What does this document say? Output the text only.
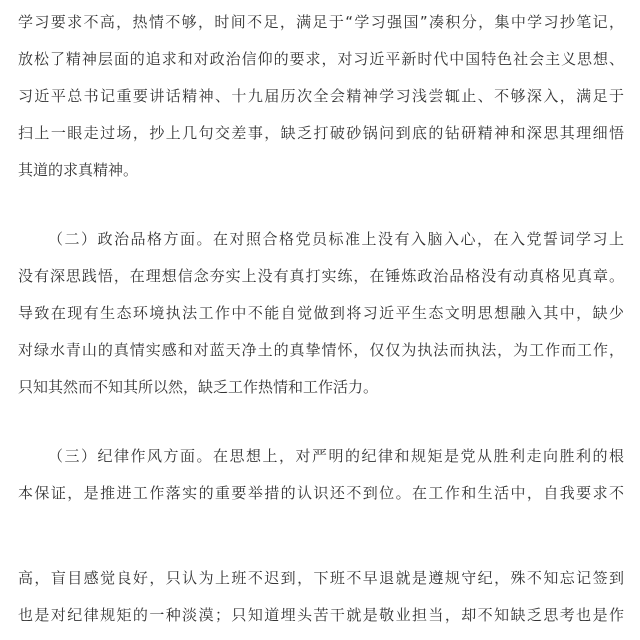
学习要求不高，热情不够，时间不足，满足于“学习强国”凑积分，集中学习抄笔记，
放松了精神层面的追求和对政治信仰的要求，对习近平新时代中国特色社会主义思想、
习近平总书记重要讲话精神、十九届历次全会精神学习浅尝辄止、不够深入，满足于
扫上一眼走过场，抄上几句交差事，缺乏打破砂锅问到底的钻研精神和深思其理细悟
其道的求真精神。
（二）政治品格方面。在对照合格党员标准上没有入脑入心，在入党誓词学习上
没有深思践悟，在理想信念夯实上没有真打实练，在锤炼政治品格没有动真格见真章。
导致在现有生态环境执法工作中不能自觉做到将习近平生态文明思想融入其中，缺少
对绿水青山的真情实感和对蓝天净土的真挚情怀，仅仅为执法而执法，为工作而工作，
只知其然而不知其所以然，缺乏工作热情和工作活力。
（三）纪律作风方面。在思想上，对严明的纪律和规矩是党从胜利走向胜利的根
本保证，是推进工作落实的重要举措的认识还不到位。在工作和生活中，自我要求不
高，盲目感觉良好，只认为上班不迟到，下班不早退就是遵规守纪，殊不知忘记签到
也是对纪律规矩的一种淡漠；只知道埋头苦干就是敬业担当，却不知缺乏思考也是作
